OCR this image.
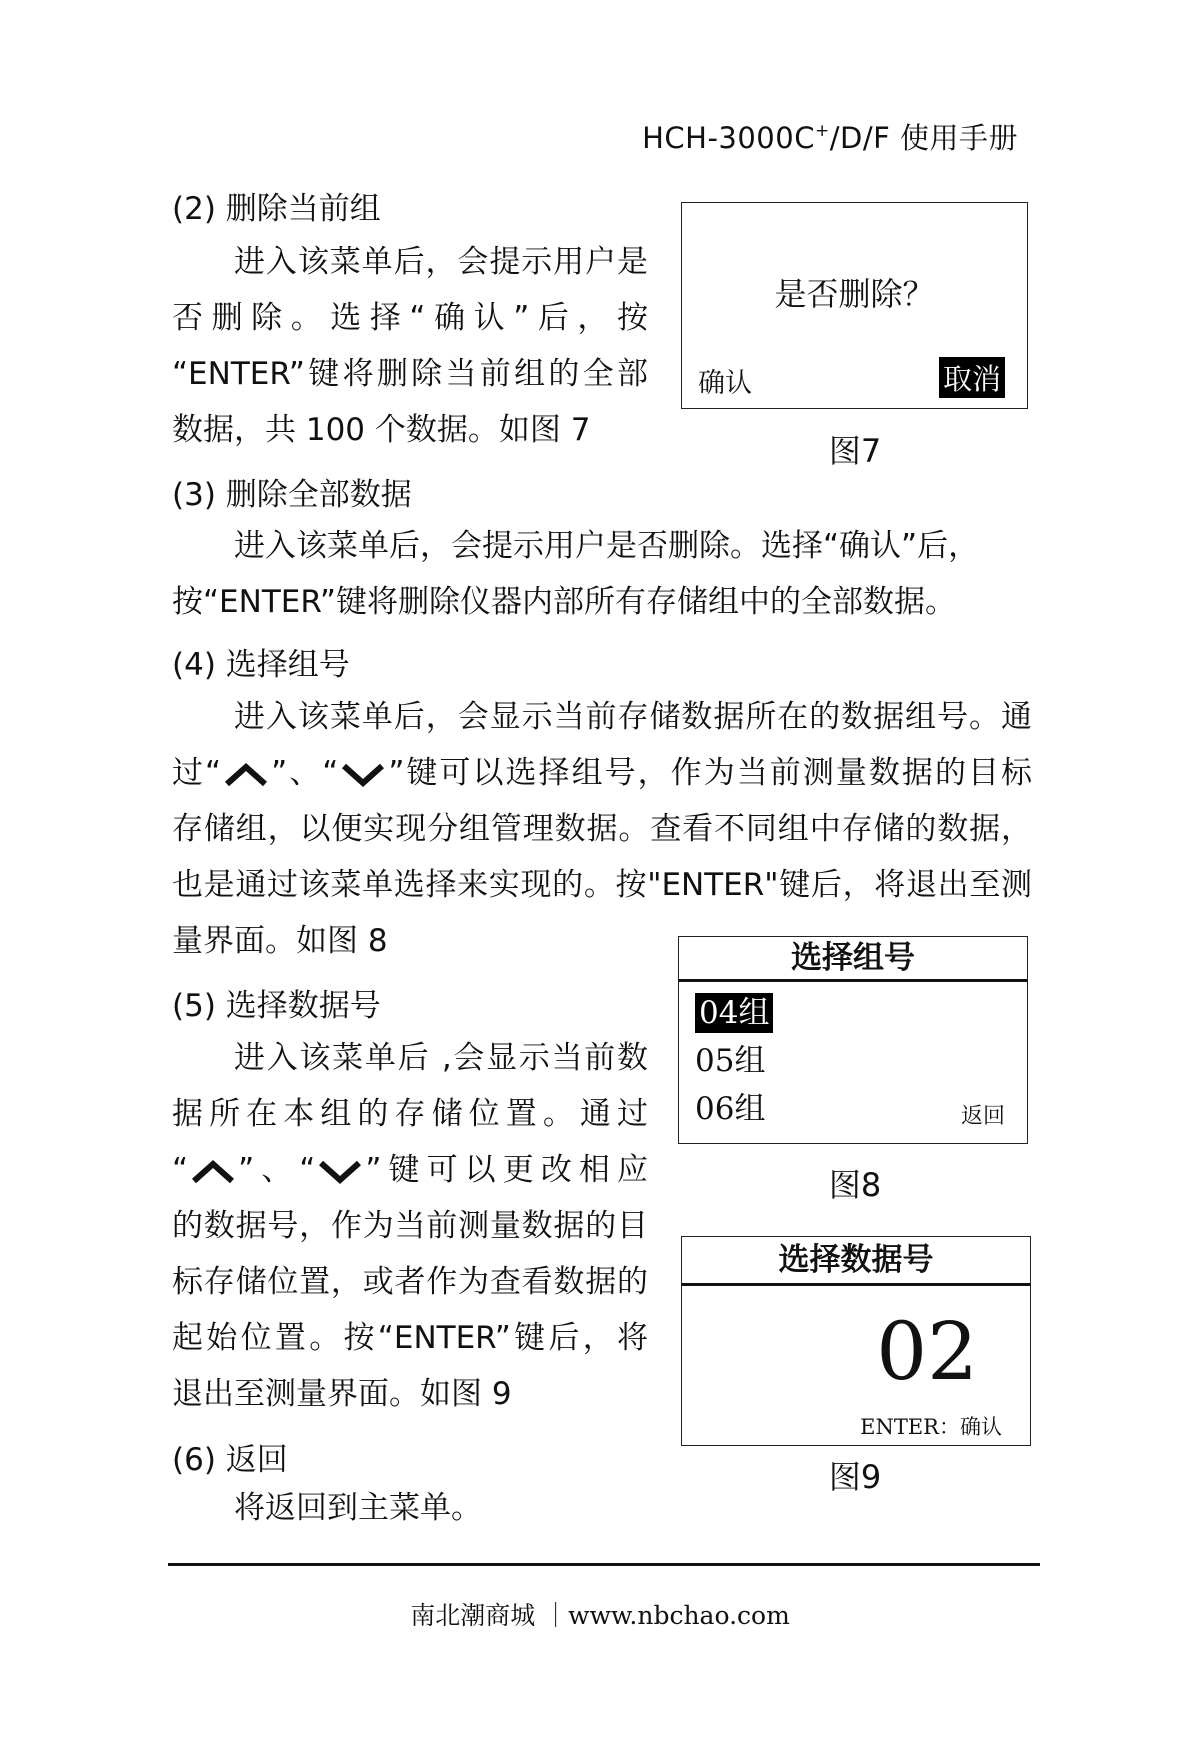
HCH-3000C+/D/F 使用手册
(2) 删除当前组
进入该菜单后，会提示用户是
否删除。选择“确认”后，按
“ENTER”键将删除当前组的全部
数据，共 100 个数据。如图 7
是否删除？
确认	取消
图7
(3) 删除全部数据
进入该菜单后，会提示用户是否删除。选择“确认”后，
按“ENTER”键将删除仪器内部所有存储组中的全部数据。
(4) 选择组号
进入该菜单后，会显示当前存储数据所在的数据组号。通
过“ ”、“ ”键可以选择组号，作为当前测量数据的目标
存储组，以便实现分组管理数据。查看不同组中存储的数据，
也是通过该菜单选择来实现的。按"ENTER"键后，将退出至测
量界面。如图 8	选择组号
04组
05组
06组	返回
图8
(5) 选择数据号
进入该菜单后 ,会显示当前数
据所在本组的存储位置。通过
“ ”、“ ”键可以更改相应
的数据号，作为当前测量数据的目
标存储位置，或者作为查看数据的
起始位置。按“ENTER”键后，将
退出至测量界面。如图 9
选择数据号
02
ENTER：确认
图9
(6) 返回
将返回到主菜单。
南北潮商城 ｜www.nbchao.com
